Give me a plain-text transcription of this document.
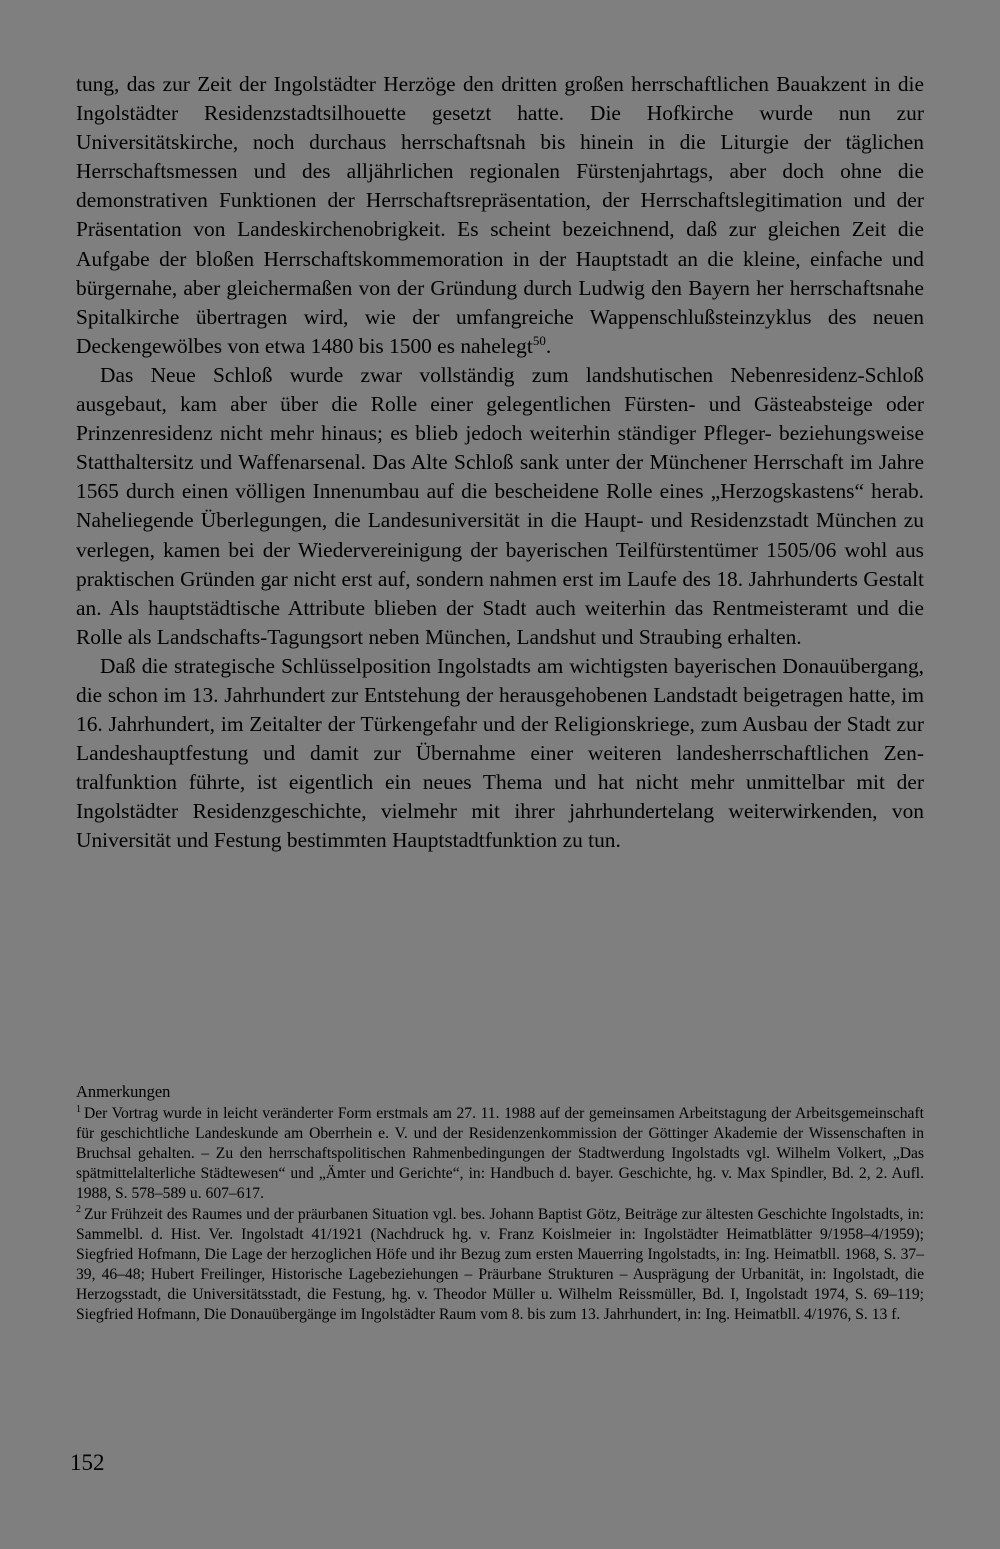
tung, das zur Zeit der Ingolstädter Herzöge den dritten großen herrschaftlichen Bauakzent in die Ingolstädter Residenzstadtsilhouette gesetzt hatte. Die Hofkirche wurde nun zur Universitätskirche, noch durchaus herrschaftsnah bis hinein in die Liturgie der täglichen Herrschaftsmessen und des alljährlichen regionalen Fürstenjahrtags, aber doch ohne die demonstrativen Funktionen der Herrschaftsrepräsentation, der Herrschaftslegitimation und der Präsentation von Landeskirchenobrigkeit. Es scheint bezeichnend, daß zur gleichen Zeit die Aufgabe der bloßen Herrschaftskommemoration in der Hauptstadt an die kleine, einfache und bürgernahe, aber gleichermaßen von der Gründung durch Ludwig den Bayern her herrschaftsnahe Spitalkirche übertragen wird, wie der umfangreiche Wappenschlußsteinzyklus des neuen Deckengewölbes von etwa 1480 bis 1500 es nahelegt$^{50}$.

Das Neue Schloß wurde zwar vollständig zum landshutischen Nebenresidenz-Schloß ausgebaut, kam aber über die Rolle einer gelegentlichen Fürsten- und Gästeabsteige oder Prinzenresidenz nicht mehr hinaus; es blieb jedoch weiterhin ständiger Pfleger- beziehungsweise Statthaltersitz und Waffenarsenal. Das Alte Schloß sank unter der Münchener Herrschaft im Jahre 1565 durch einen völligen Innenumbau auf die bescheidene Rolle eines „Herzogskastens“ herab. Naheliegende Überlegungen, die Landesuniversität in die Haupt- und Residenzstadt München zu verlegen, kamen bei der Wiedervereinigung der bayerischen Teilfürstentümer 1505/06 wohl aus praktischen Gründen gar nicht erst auf, sondern nahmen erst im Laufe des 18. Jahrhunderts Gestalt an. Als hauptstädtische Attribute blieben der Stadt auch weiterhin das Rentmeisteramt und die Rolle als Landschafts-Tagungsort neben München, Landshut und Straubing erhalten.

Daß die strategische Schlüsselposition Ingolstadts am wichtigsten bayerischen Donauübergang, die schon im 13. Jahrhundert zur Entstehung der herausgehobenen Landstadt beigetragen hatte, im 16. Jahrhundert, im Zeitalter der Türkengefahr und der Religionskriege, zum Ausbau der Stadt zur Landeshauptfestung und damit zur Übernahme einer weiteren landesherrschaftlichen Zentralfunktion führte, ist eigentlich ein neues Thema und hat nicht mehr unmittelbar mit der Ingolstädter Residenzgeschichte, vielmehr mit ihrer jahrhundertelang weiterwirkenden, von Universität und Festung bestimmten Hauptstadtfunktion zu tun.

Anmerkungen

$^1$ Der Vortrag wurde in leicht veränderter Form erstmals am 27. 11. 1988 auf der gemeinsamen Arbeitstagung der Arbeitsgemeinschaft für geschichtliche Landeskunde am Oberrhein e. V. und der Residenzenkommission der Göttinger Akademie der Wissenschaften in Bruchsal gehalten. – Zu den herrschaftspolitischen Rahmenbedingungen der Stadtwerdung Ingolstadts vgl. Wilhelm Volkert, „Das spätmittelalterliche Städtewesen“ und „Ämter und Gerichte“, in: Handbuch d. bayer. Geschichte, hg. v. Max Spindler, Bd. 2, 2. Aufl. 1988, S. 578–589 u. 607–617.

$^2$ Zur Frühzeit des Raumes und der präurbanen Situation vgl. bes. Johann Baptist Götz, Beiträge zur ältesten Geschichte Ingolstadts, in: Sammelbl. d. Hist. Ver. Ingolstadt 41/1921 (Nachdruck hg. v. Franz Koislmeier in: Ingolstädter Heimatblätter 9/1958–4/1959); Siegfried Hofmann, Die Lage der herzoglichen Höfe und ihr Bezug zum ersten Mauerring Ingolstadts, in: Ing. Heimatbll. 1968, S. 37–39, 46–48; Hubert Freilinger, Historische Lagebeziehungen – Präurbane Strukturen – Ausprägung der Urbanität, in: Ingolstadt, die Herzogsstadt, die Universitätsstadt, die Festung, hg. v. Theodor Müller u. Wilhelm Reissmüller, Bd. I, Ingolstadt 1974, S. 69–119; Siegfried Hofmann, Die Donauübergänge im Ingolstädter Raum vom 8. bis zum 13. Jahrhundert, in: Ing. Heimatbll. 4/1976, S. 13 f.

152
